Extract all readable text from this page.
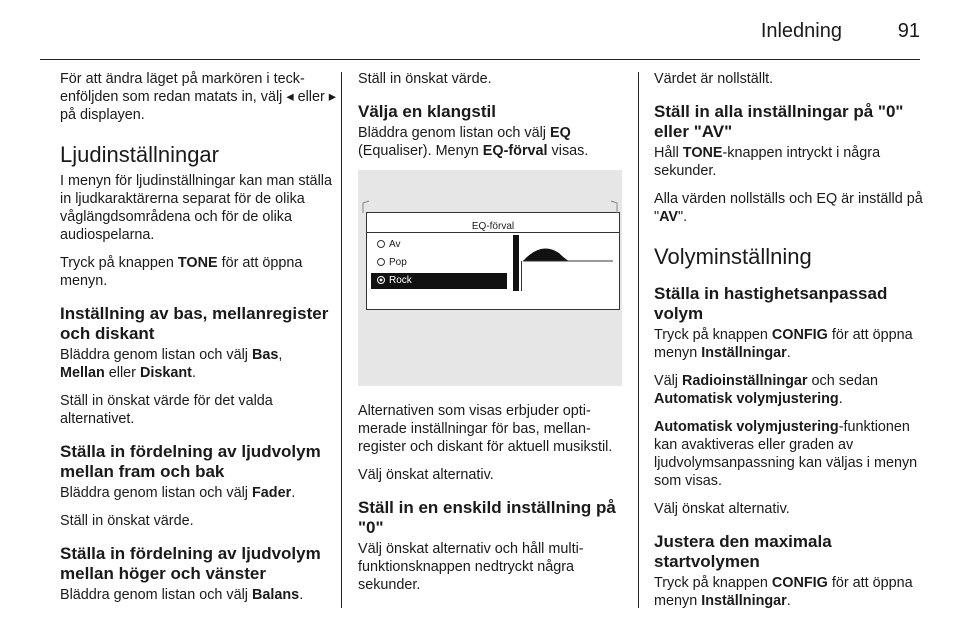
Inledning	91

För att ändra läget på markören i teckenföljden som redan matats in, välj ◂ eller ▸ på displayen.

Ljudinställningar

I menyn för ljudinställningar kan man ställa in ljudkaraktärerna separat för de olika våglängdsområdena och för de olika audiospelarna.

Tryck på knappen TONE för att öppna menyn.

Inställning av bas, mellanregister och diskant

Bläddra genom listan och välj Bas,
Mellan eller Diskant.

Ställ in önskat värde för det valda alternativet.

Ställa in fördelning av ljudvolym mellan fram och bak

Bläddra genom listan och välj Fader.

Ställ in önskat värde.

Ställa in fördelning av ljudvolym mellan höger och vänster

Bläddra genom listan och välj Balans.

Ställ in önskat värde.

Välja en klangstil

Bläddra genom listan och välj EQ (Equaliser). Menyn EQ-förval visas.

EQ-förval
Av
Pop
Rock

Alternativen som visas erbjuder optimerade inställningar för bas, mellanregister och diskant för aktuell musikstil.

Välj önskat alternativ.

Ställ in en enskild inställning på "0"

Välj önskat alternativ och håll multifunktionsknappen nedtryckt några sekunder.

Värdet är nollställt.

Ställ in alla inställningar på "0" eller "AV"

Håll TONE-knappen intryckt i några sekunder.

Alla värden nollställs och EQ är inställd på "AV".

Volyminställning
Ställa in hastighetsanpassad volym

Tryck på knappen CONFIG för att öppna menyn Inställningar.

Välj Radioinställningar och sedan Automatisk volymjustering.

Automatisk volymjustering-funktionen kan avaktiveras eller graden av ljudvolymsanpassning kan väljas i menyn som visas.

Välj önskat alternativ.

Justera den maximala startvolymen

Tryck på knappen CONFIG för att öppna menyn Inställningar.
